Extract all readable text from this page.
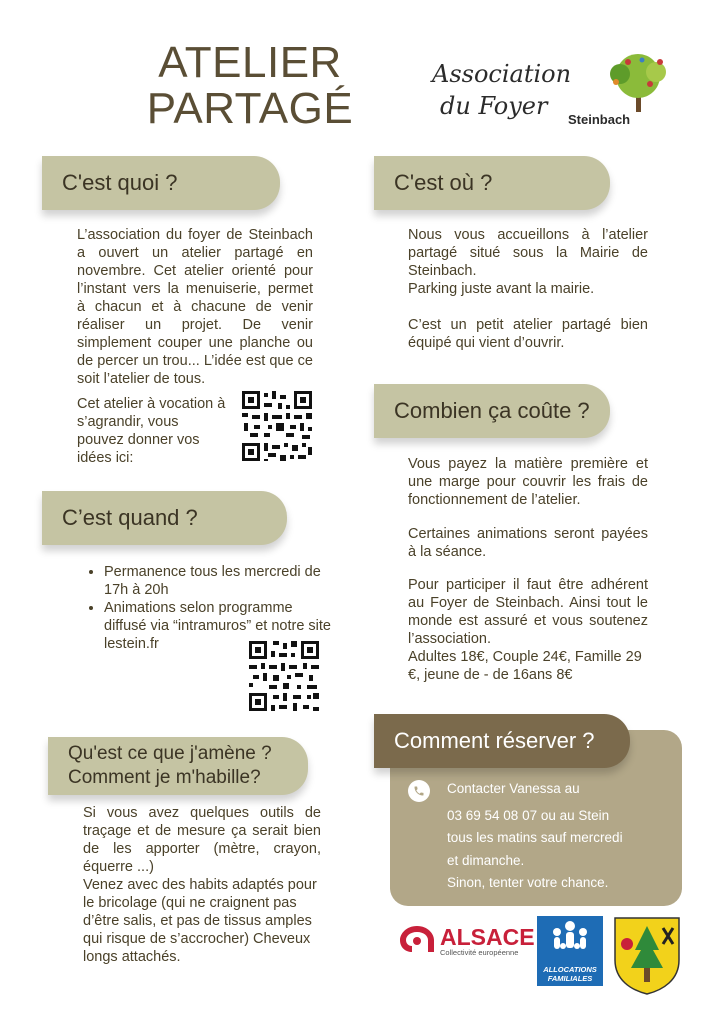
ATELIER
PARTAGÉ
Association
du Foyer	Steinbach
C'est quoi ?
L’association du foyer de Steinbach a ouvert un atelier partagé en novembre. Cet atelier orienté pour l’instant vers la menuiserie, permet à chacun et à chacune de venir réaliser un projet. De venir simplement couper une planche ou de percer un trou... L’idée est que ce soit l’atelier de tous.
Cet atelier à vocation à s’agrandir, vous pouvez donner vos idées ici:
C’est quand ?
• Permanence tous les mercredi de 17h à 20h
• Animations selon programme diffusé via “intramuros” et notre site lestein.fr
Qu'est ce que j'amène ?
Comment je m'habille?
Si vous avez quelques outils de traçage et de mesure ça serait bien de les apporter (mètre, crayon, équerre ...)
Venez avec des habits adaptés pour le bricolage (qui ne craignent pas d’être salis, et pas de tissus amples qui risque de s’accrocher) Cheveux longs attachés.
C'est où ?
Nous vous accueillons à l’atelier partagé situé sous la Mairie de Steinbach.
Parking juste avant la mairie.
C’est un petit atelier partagé bien équipé qui vient d’ouvrir.
Combien ça coûte ?
Vous payez la matière première et une marge pour couvrir les frais de fonctionnement de l’atelier.
Certaines animations seront payées à la séance.
Pour participer il faut être adhérent au Foyer de Steinbach. Ainsi tout le monde est assuré et vous soutenez l’association.
Adultes 18€, Couple 24€, Famille 29 €, jeune de - de 16ans 8€
Comment réserver ?
Contacter Vanessa au
03 69 54 08 07 ou au Stein
tous les matins sauf mercredi
et dimanche.
Sinon, tenter votre chance.
ALSACE
Collectivité européenne
ALLOCATIONS
FAMILIALES
